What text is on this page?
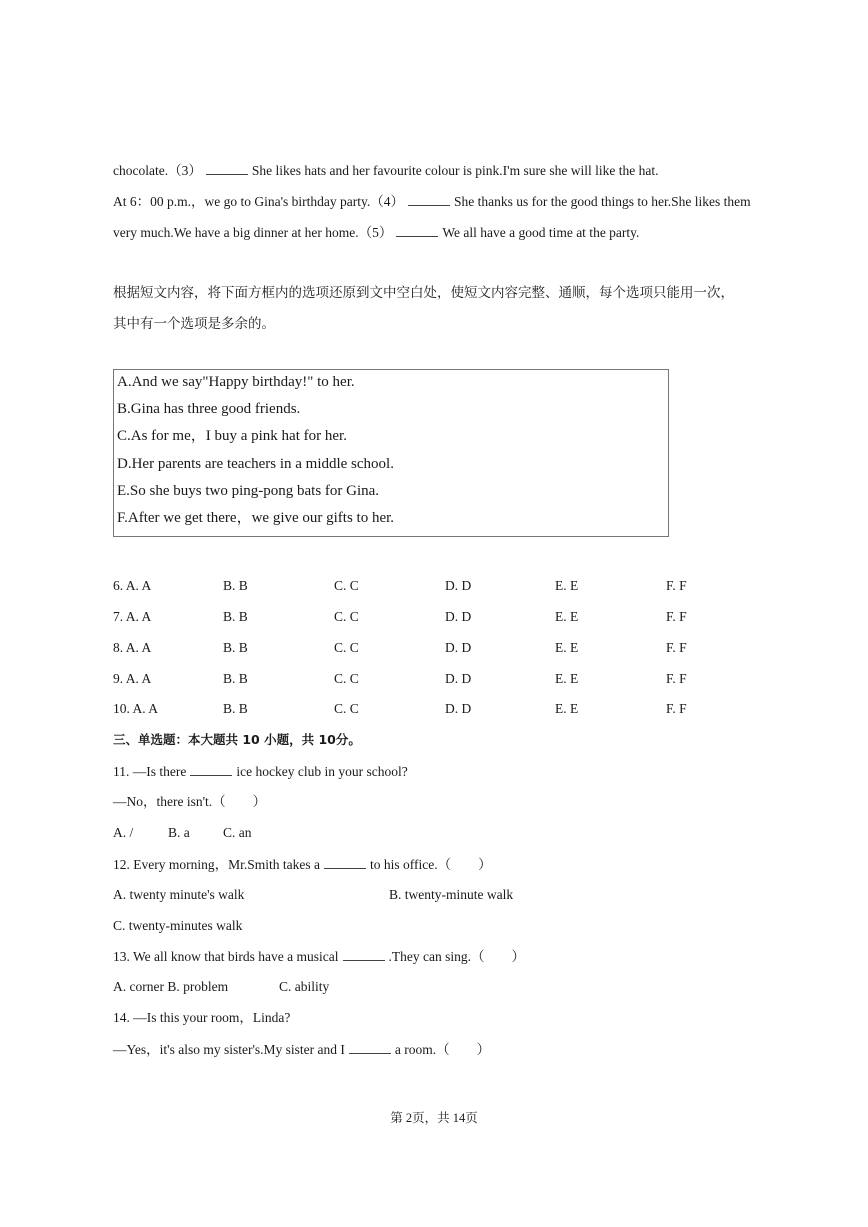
chocolate.（3）	She likes hats and her favourite colour is pink.I'm sure she will like the hat.
At 6：00 p.m.，we go to Gina's birthday party.（4）	She thanks us for the good things to her.She likes them
very much.We have a big dinner at her home.（5）	We all have a good time at the party.
根据短文内容，将下面方框内的选项还原到文中空白处，使短文内容完整、通顺，每个选项只能用一次，
其中有一个选项是多余的。
A.And we say"Happy birthday!" to her.
B.Gina has three good friends.
C.As for me，I buy a pink hat for her.
D.Her parents are teachers in a middle school.
E.So she buys two ping-pong bats for Gina.
F.After we get there，we give our gifts to her.
6. A. A	B. B	C. C	D. D	E. E	F. F
7. A. A	B. B	C. C	D. D	E. E	F. F
8. A. A	B. B	C. C	D. D	E. E	F. F
9. A. A	B. B	C. C	D. D	E. E	F. F
10. A. A	B. B	C. C	D. D	E. E	F. F
三、单选题：本大题共 10 小题，共 10分。
11. —Is there	ice hockey club in your school?
—No，there isn't.（　　）
A. /	B. a C. an
12. Every morning，Mr.Smith takes a	to his office.（　　）
A. twenty minute's walk	B. twenty-minute walk
C. twenty-minutes walk
13. We all know that birds have a musical	.They can sing.（　　）
A. corner B. problem	C. ability
14. —Is this your room，Linda?
—Yes，it's also my sister's.My sister and I	a room.（　　）
第 2页，共 14页
